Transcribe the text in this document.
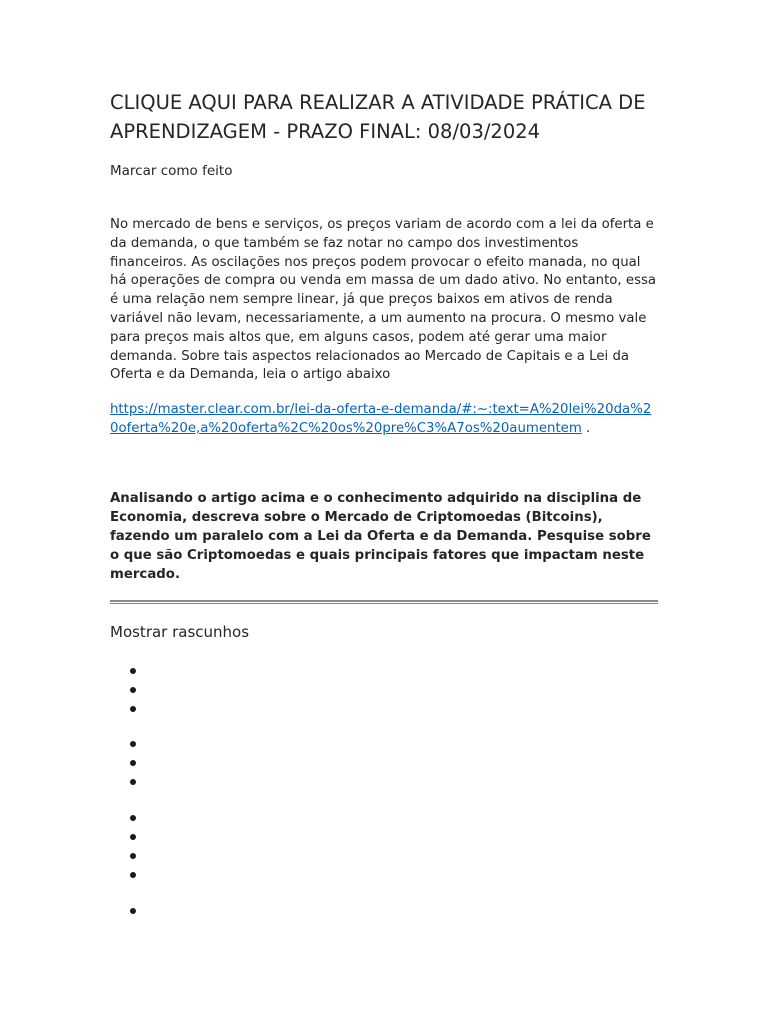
CLIQUE AQUI PARA REALIZAR A ATIVIDADE PRÁTICA DE APRENDIZAGEM - PRAZO FINAL: 08/03/2024
Marcar como feito

No mercado de bens e serviços, os preços variam de acordo com a lei da oferta e da demanda, o que também se faz notar no campo dos investimentos financeiros. As oscilações nos preços podem provocar o efeito manada, no qual há operações de compra ou venda em massa de um dado ativo. No entanto, essa é uma relação nem sempre linear, já que preços baixos em ativos de renda variável não levam, necessariamente, a um aumento na procura. O mesmo vale para preços mais altos que, em alguns casos, podem até gerar uma maior demanda. Sobre tais aspectos relacionados ao Mercado de Capitais e a Lei da Oferta e da Demanda, leia o artigo abaixo

https://master.clear.com.br/lei-da-oferta-e-demanda/#:~:text=A%20lei%20da%20oferta%20e,a%20oferta%2C%20os%20pre%C3%A7os%20aumentem .

Analisando o artigo acima e o conhecimento adquirido na disciplina de Economia, descreva sobre o Mercado de Criptomoedas (Bitcoins), fazendo um paralelo com a Lei da Oferta e da Demanda. Pesquise sobre o que são Criptomoedas e quais principais fatores que impactam neste mercado.

Mostrar rascunhos
